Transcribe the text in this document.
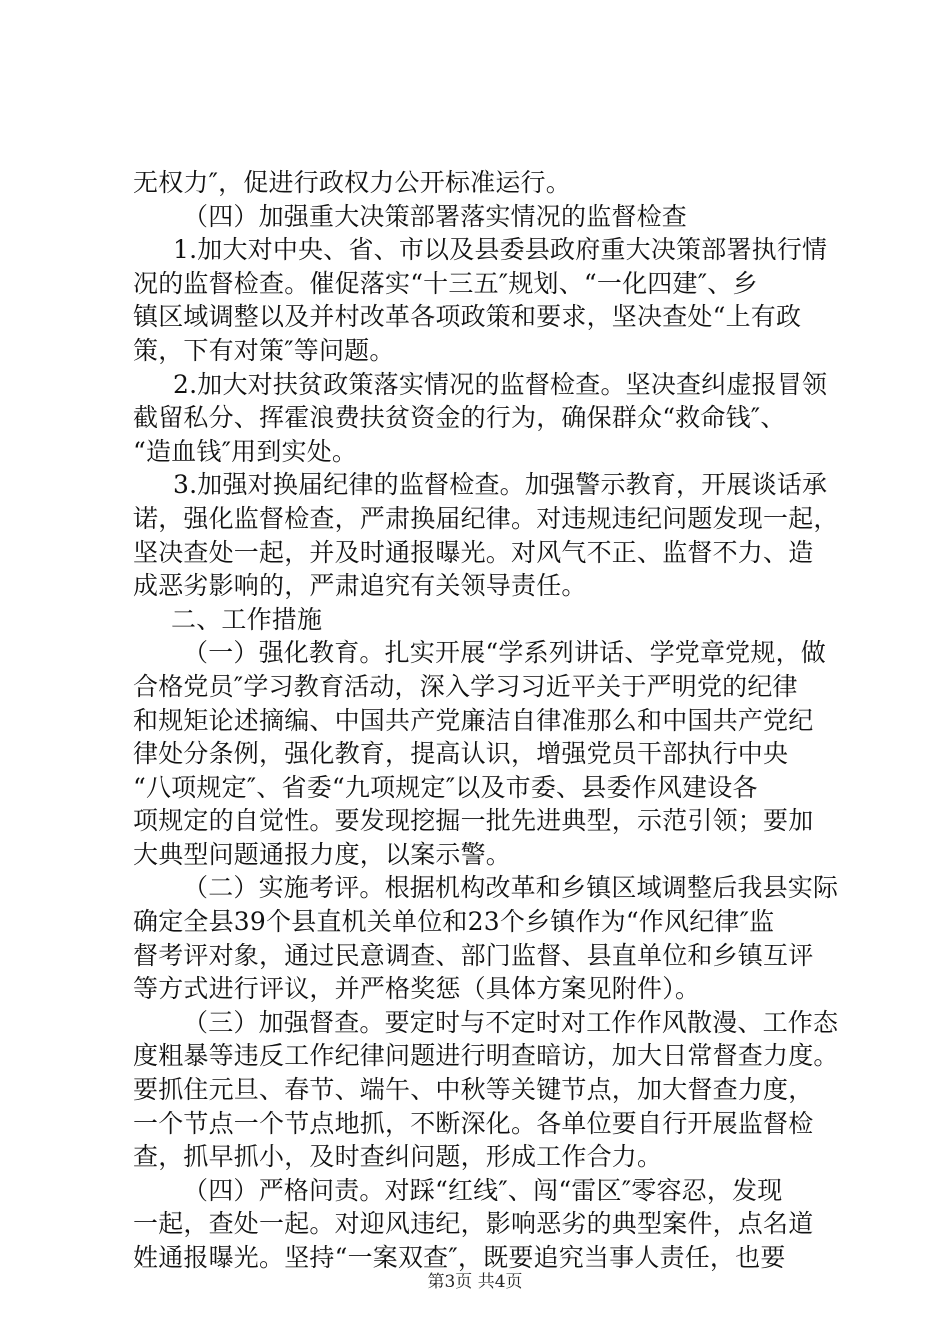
无权力″，促进行政权力公开标准运行。
（四）加强重大决策部署落实情况的监督检查
1.加大对中央、省、市以及县委县政府重大决策部署执行情
况的监督检查。催促落实“十三五″规划、“一化四建″、乡
镇区域调整以及并村改革各项政策和要求，坚决查处“上有政
策，下有对策″等问题。
2.加大对扶贫政策落实情况的监督检查。坚决查纠虚报冒领
截留私分、挥霍浪费扶贫资金的行为，确保群众“救命钱″、
“造血钱″用到实处。
3.加强对换届纪律的监督检查。加强警示教育，开展谈话承
诺，强化监督检查，严肃换届纪律。对违规违纪问题发现一起，
坚决查处一起，并及时通报曝光。对风气不正、监督不力、造
成恶劣影响的，严肃追究有关领导责任。
二、工作措施
（一）强化教育。扎实开展“学系列讲话、学党章党规，做
合格党员″学习教育活动，深入学习习近平关于严明党的纪律
和规矩论述摘编、中国共产党廉洁自律准那么和中国共产党纪
律处分条例，强化教育，提高认识，增强党员干部执行中央
“八项规定″、省委“九项规定″以及市委、县委作风建设各
项规定的自觉性。要发现挖掘一批先进典型，示范引领；要加
大典型问题通报力度，以案示警。
（二）实施考评。根据机构改革和乡镇区域调整后我县实际
确定全县39个县直机关单位和23个乡镇作为“作风纪律″监
督考评对象，通过民意调查、部门监督、县直单位和乡镇互评
等方式进行评议，并严格奖惩（具体方案见附件）。
（三）加强督查。要定时与不定时对工作作风散漫、工作态
度粗暴等违反工作纪律问题进行明查暗访，加大日常督查力度。
要抓住元旦、春节、端午、中秋等关键节点，加大督查力度，
一个节点一个节点地抓，不断深化。各单位要自行开展监督检
查，抓早抓小，及时查纠问题，形成工作合力。
（四）严格问责。对踩“红线″、闯“雷区″零容忍，发现
一起，查处一起。对迎风违纪，影响恶劣的典型案件，点名道
姓通报曝光。坚持“一案双查″，既要追究当事人责任，也要
第3页 共4页
